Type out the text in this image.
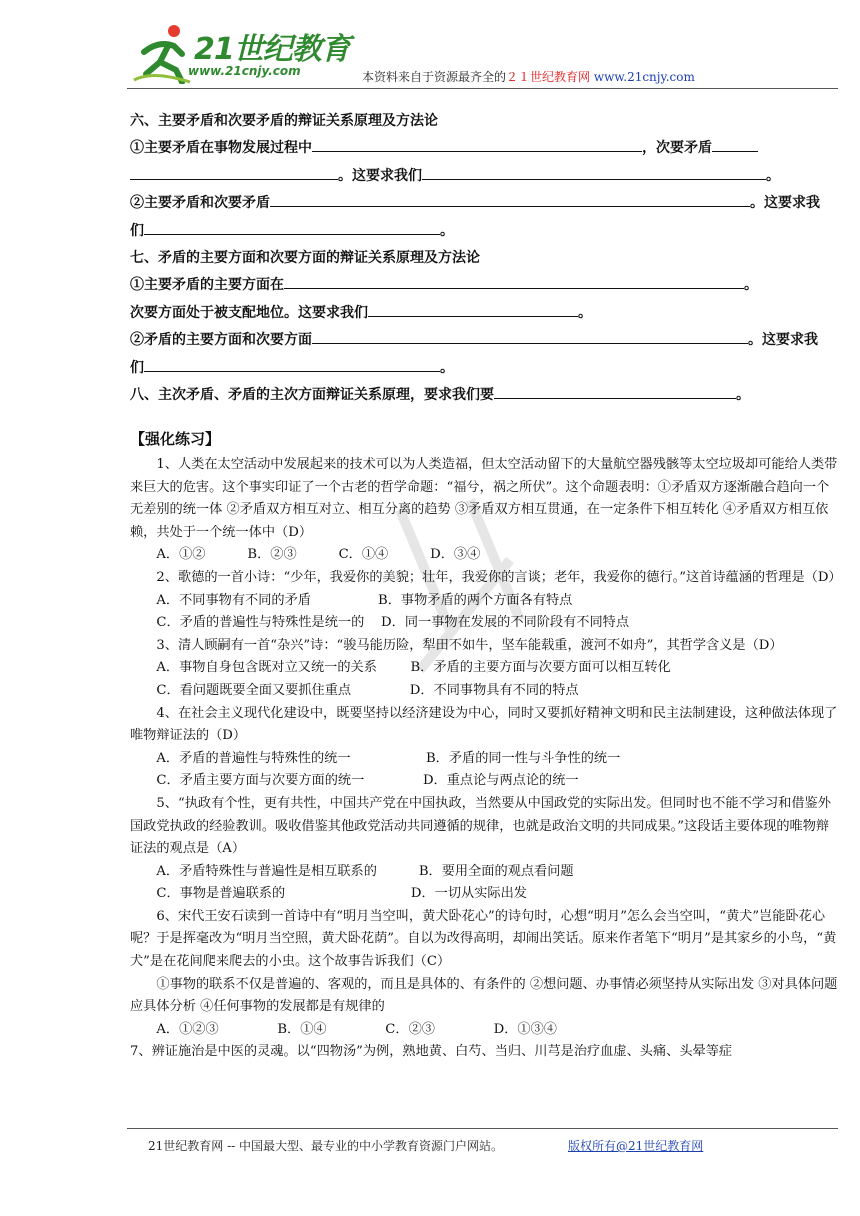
21世纪教育
www.21cnjy.com	本资料来自于资源最齐全的２１世纪教育网 www.21cnjy.com

六、主要矛盾和次要矛盾的辩证关系原理及方法论

①主要矛盾在事物发展过程中	，次要矛盾

。这要求我们	。

②主要矛盾和次要矛盾	。这要求我

们	。

七、矛盾的主要方面和次要方面的辩证关系原理及方法论

①主要矛盾的主要方面在	。

次要方面处于被支配地位。这要求我们	。

②矛盾的主要方面和次要方面	。这要求我

们	。

八、主次矛盾、矛盾的主次方面辩证关系原理，要求我们要	。

【强化练习】

1、人类在太空活动中发展起来的技术可以为人类造福，但太空活动留下的大量航空器残骸等太空垃圾却可能给人类带来巨大的危害。这个事实印证了一个古老的哲学命题：“福兮，祸之所伏”。这个命题表明：①矛盾双方逐渐融合趋向一个无差别的统一体 ②矛盾双方相互对立、相互分离的趋势 ③矛盾双方相互贯通，在一定条件下相互转化 ④矛盾双方相互依赖，共处于一个统一体中（D）

A．①②          B．②③          C．①④          D．③④

2、歌德的一首小诗：“少年，我爱你的美貌；壮年，我爱你的言谈；老年，我爱你的德行。”这首诗蕴涵的哲理是（D）

A．不同事物有不同的矛盾                B．事物矛盾的两个方面各有特点

C．矛盾的普遍性与特殊性是统一的    D．同一事物在发展的不同阶段有不同特点

3、清人顾嗣有一首“杂兴”诗：“骏马能历险，犁田不如牛，坚车能载重，渡河不如舟”，其哲学含义是（D）

A．事物自身包含既对立又统一的关系        B．矛盾的主要方面与次要方面可以相互转化

C．看问题既要全面又要抓住重点              D．不同事物具有不同的特点

4、在社会主义现代化建设中，既要坚持以经济建设为中心，同时又要抓好精神文明和民主法制建设，这种做法体现了唯物辩证法的（D）

A．矛盾的普遍性与特殊性的统一                  B．矛盾的同一性与斗争性的统一

C．矛盾主要方面与次要方面的统一              D．重点论与两点论的统一

5、“执政有个性，更有共性，中国共产党在中国执政，当然要从中国政党的实际出发。但同时也不能不学习和借鉴外国政党执政的经验教训。吸收借鉴其他政党活动共同遵循的规律，也就是政治文明的共同成果。”这段话主要体现的唯物辩证法的观点是（A）

A．矛盾特殊性与普遍性是相互联系的          B．要用全面的观点看问题

C．事物是普遍联系的                              D．一切从实际出发

6、宋代王安石读到一首诗中有“明月当空叫，黄犬卧花心”的诗句时，心想“明月”怎么会当空叫，“黄犬”岂能卧花心呢？于是挥毫改为“明月当空照，黄犬卧花荫”。自以为改得高明，却闹出笑话。原来作者笔下“明月”是其家乡的小鸟，“黄犬”是在花间爬来爬去的小虫。这个故事告诉我们（C）

①事物的联系不仅是普遍的、客观的，而且是具体的、有条件的 ②想问题、办事情必须坚持从实际出发 ③对具体问题应具体分析 ④任何事物的发展都是有规律的

A．①②③              B．①④              C．②③              D．①③④

7、辨证施治是中医的灵魂。以“四物汤”为例，熟地黄、白芍、当归、川芎是治疗血虚、头痛、头晕等症

21世纪教育网 -- 中国最大型、最专业的中小学教育资源门户网站。	版权所有@21世纪教育网
